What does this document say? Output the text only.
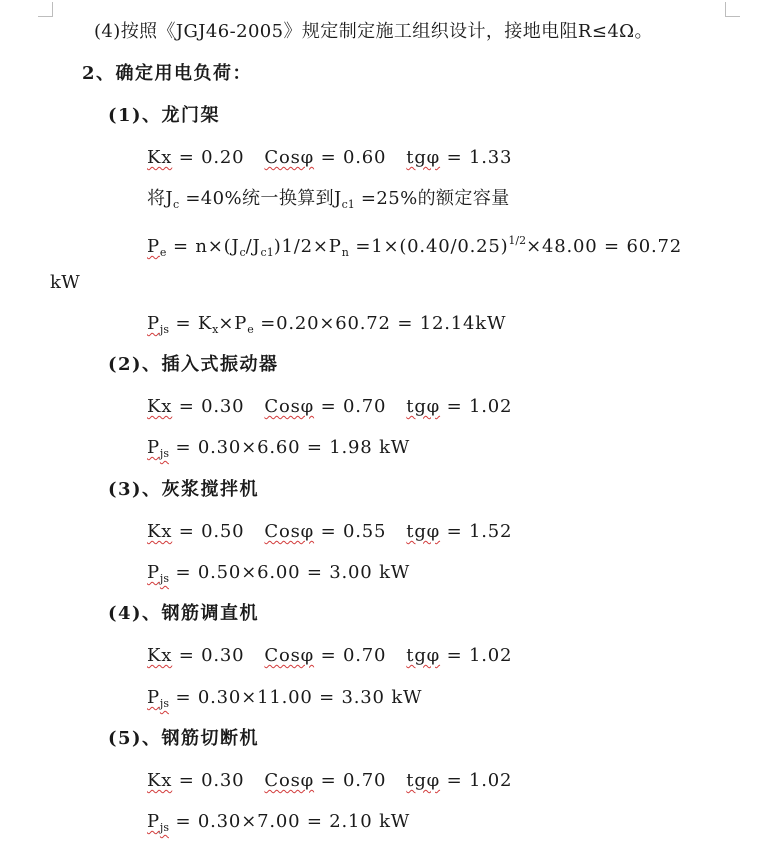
(4)按照《JGJ46-2005》规定制定施工组织设计，接地电阻R≤4Ω。
2、确定用电负荷：
(1)、龙门架
Kx = 0.20 Cosφ = 0.60 tgφ = 1.33
将$J_c =40\%$统一换算到$J_{c1} =25\%$的额定容量
$P_e = n\times(J_c/J_{c1})1/2\times P_n =1\times(0.40/0.25)^{1/2}\times 48.00 = 60.72$
kW
$P_{js} = K_x\times P_e =0.20\times 60.72 = 12.14kW$
(2)、插入式振动器
Kx = 0.30 Cosφ = 0.70 tgφ = 1.02
$P_{js} = 0.30\times 6.60 = 1.98$ kW
(3)、灰浆搅拌机
Kx = 0.50 Cosφ = 0.55 tgφ = 1.52
$P_{js} = 0.50\times 6.00 = 3.00$ kW
(4)、钢筋调直机
Kx = 0.30 Cosφ = 0.70 tgφ = 1.02
$P_{js} = 0.30\times 11.00 = 3.30$ kW
(5)、钢筋切断机
Kx = 0.30 Cosφ = 0.70 tgφ = 1.02
$P_{js} = 0.30\times 7.00 = 2.10$ kW
